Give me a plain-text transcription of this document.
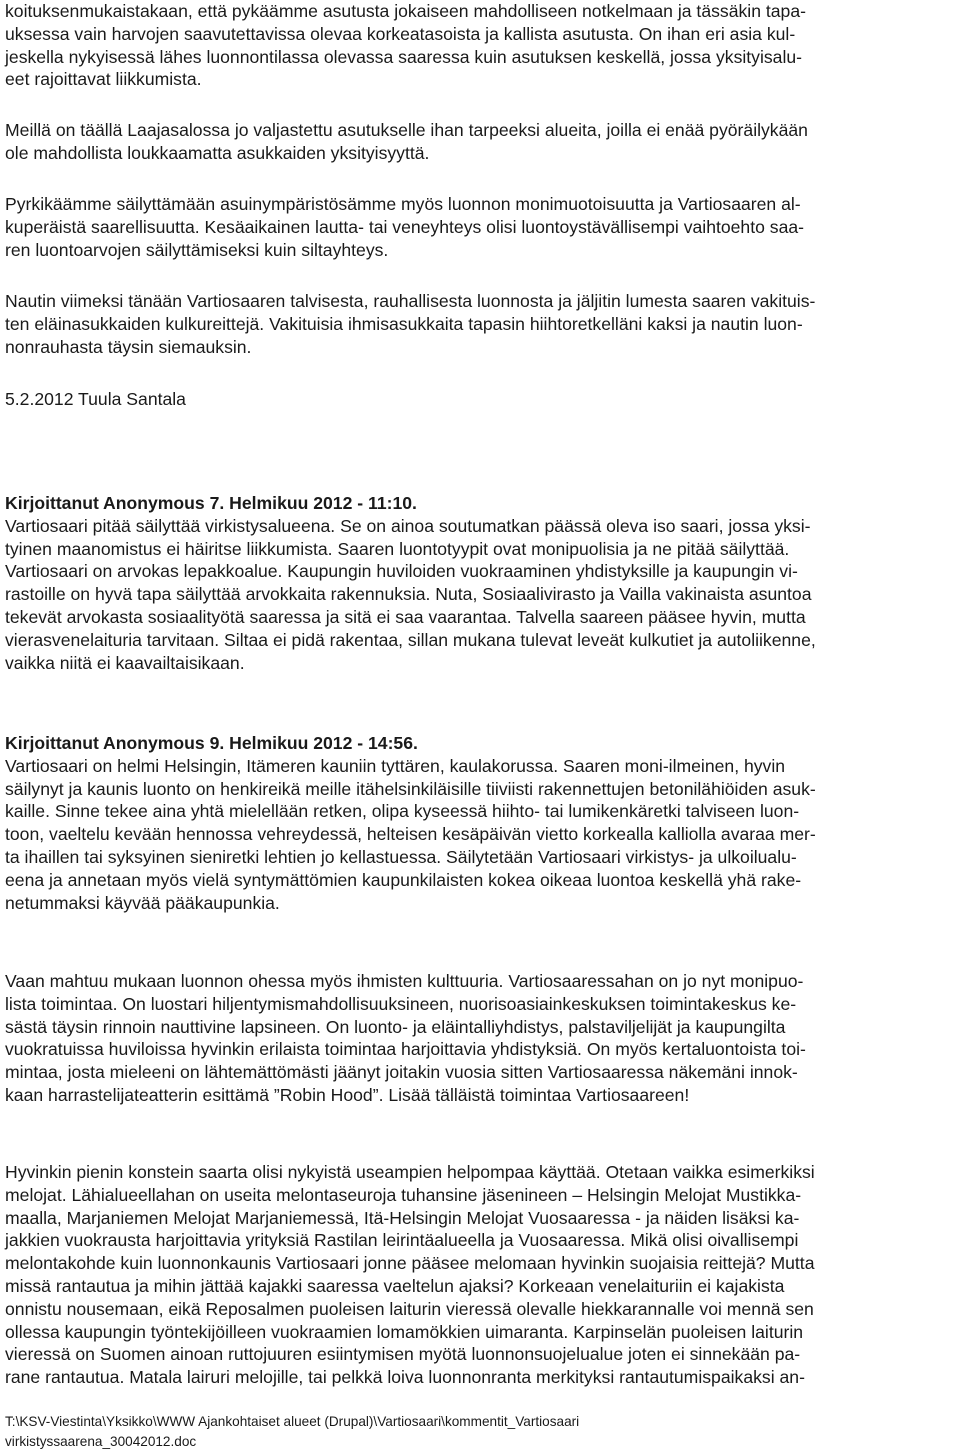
koituksenmukaistakaan, että pykäämme asutusta jokaiseen mahdolliseen notkelmaan ja tässäkin tapa-
uksessa vain harvojen saavutettavissa olevaa korkeatasoista ja kallista asutusta. On ihan eri asia kul-
jeskella nykyisessä lähes luonnontilassa olevassa saaressa kuin asutuksen keskellä, jossa yksityisalu-
eet rajoittavat liikkumista.
Meillä on täällä Laajasalossa jo valjastettu asutukselle ihan tarpeeksi alueita, joilla ei enää pyöräilykään
ole mahdollista loukkaamatta asukkaiden yksityisyyttä.
Pyrkikäämme säilyttämään asuinympäristösämme myös luonnon monimuotoisuutta ja Vartiosaaren al-
kuperäistä saarellisuutta. Kesäaikainen lautta- tai veneyhteys olisi luontoystävällisempi vaihtoehto saa-
ren luontoarvojen säilyttämiseksi kuin siltayhteys.
Nautin viimeksi tänään Vartiosaaren talvisesta, rauhallisesta luonnosta ja jäljitin lumesta saaren vakituis-
ten eläinasukkaiden kulkureittejä. Vakituisia ihmisasukkaita tapasin hiihtoretkelläni kaksi ja nautin luon-
nonrauhasta täysin siemauksin.
5.2.2012 Tuula Santala
Kirjoittanut Anonymous 7. Helmikuu 2012 - 11:10.
Vartiosaari pitää säilyttää virkistysalueena. Se on ainoa soutumatkan päässä oleva iso saari, jossa yksi-
tyinen maanomistus ei häiritse liikkumista. Saaren luontotyypit ovat monipuolisia ja ne pitää säilyttää.
Vartiosaari on arvokas lepakkoalue. Kaupungin huviloiden vuokraaminen yhdistyksille ja kaupungin vi-
rastoille on hyvä tapa säilyttää arvokkaita rakennuksia. Nuta, Sosiaalivirasto ja Vailla vakinaista asuntoa
tekevät arvokasta sosiaalityötä saaressa ja sitä ei saa vaarantaa. Talvella saareen pääsee hyvin, mutta
vierasvenelaituria tarvitaan. Siltaa ei pidä rakentaa, sillan mukana tulevat leveät kulkutiet ja autoliikenne,
vaikka niitä ei kaavailtaisikaan.
Kirjoittanut Anonymous 9. Helmikuu 2012 - 14:56.
Vartiosaari on helmi Helsingin, Itämeren kauniin tyttären, kaulakorussa. Saaren moni-ilmeinen, hyvin
säilynyt ja kaunis luonto on henkireikä meille itähelsinkiläisille tiiviisti rakennettujen betonilähiöiden asuk-
kaille. Sinne tekee aina yhtä mielellään retken, olipa kyseessä hiihto- tai lumikenkäretki talviseen luon-
toon, vaeltelu kevään hennossa vehreydessä, helteisen kesäpäivän vietto korkealla kalliolla avaraa mer-
ta ihaillen tai syksyinen sieniretki lehtien jo kellastuessa. Säilytetään Vartiosaari virkistys- ja ulkoilualu-
eena ja annetaan myös vielä syntymättömien kaupunkilaisten kokea oikeaa luontoa keskellä yhä rake-
netummaksi käyvää pääkaupunkia.
Vaan mahtuu mukaan luonnon ohessa myös ihmisten kulttuuria. Vartiosaaressahan on jo nyt monipuo-
lista toimintaa. On luostari hiljentymismahdollisuuksineen, nuorisoasiainkeskuksen toimintakeskus ke-
sästä täysin rinnoin nauttivine lapsineen. On luonto- ja eläintalliyhdistys, palstaviljelijät ja kaupungilta
vuokratuissa huviloissa hyvinkin erilaista toimintaa harjoittavia yhdistyksiä. On myös kertaluontoista toi-
mintaa, josta mieleeni on lähtemättömästi jäänyt joitakin vuosia sitten Vartiosaaressa näkemäni innok-
kaan harrastelijateatterin esittämä ”Robin Hood”. Lisää tälläistä toimintaa Vartiosaareen!
Hyvinkin pienin konstein saarta olisi nykyistä useampien helpompaa käyttää. Otetaan vaikka esimerkiksi
melojat. Lähialueellahan on useita melontaseuroja tuhansine jäsenineen – Helsingin Melojat Mustikka-
maalla, Marjaniemen Melojat Marjaniemessä, Itä-Helsingin Melojat Vuosaaressa - ja näiden lisäksi ka-
jakkien vuokrausta harjoittavia yrityksiä Rastilan leirintäalueella ja Vuosaaressa. Mikä olisi oivallisempi
melontakohde kuin luonnonkaunis Vartiosaari jonne pääsee melomaan hyvinkin suojaisia reittejä? Mutta
missä rantautua ja mihin jättää kajakki saaressa vaeltelun ajaksi? Korkeaan venelaituriin ei kajakista
onnistu nousemaan, eikä Reposalmen puoleisen laiturin vieressä olevalle hiekkarannalle voi mennä sen
ollessa kaupungin työntekijöilleen vuokraamien lomamökkien uimaranta. Karpinselän puoleisen laiturin
vieressä on Suomen ainoan ruttojuuren esiintymisen myötä luonnonsuojelualue joten ei sinnekään pa-
rane rantautua. Matala lairuri melojille, tai pelkkä loiva luonnonranta merkityksi rantautumispaikaksi an-
T:\KSV-Viestinta\Yksikko\WWW Ajankohtaiset alueet (Drupal)\Vartiosaari\kommentit_Vartiosaari
virkistyssaarena_30042012.doc
